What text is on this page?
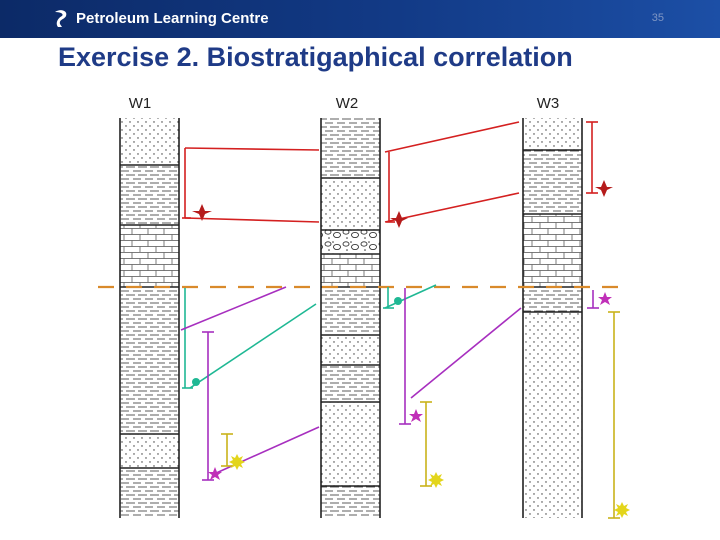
Petroleum Learning Centre	35
Exercise 2. Biostratigaphical correlation
W1	W2	W3
